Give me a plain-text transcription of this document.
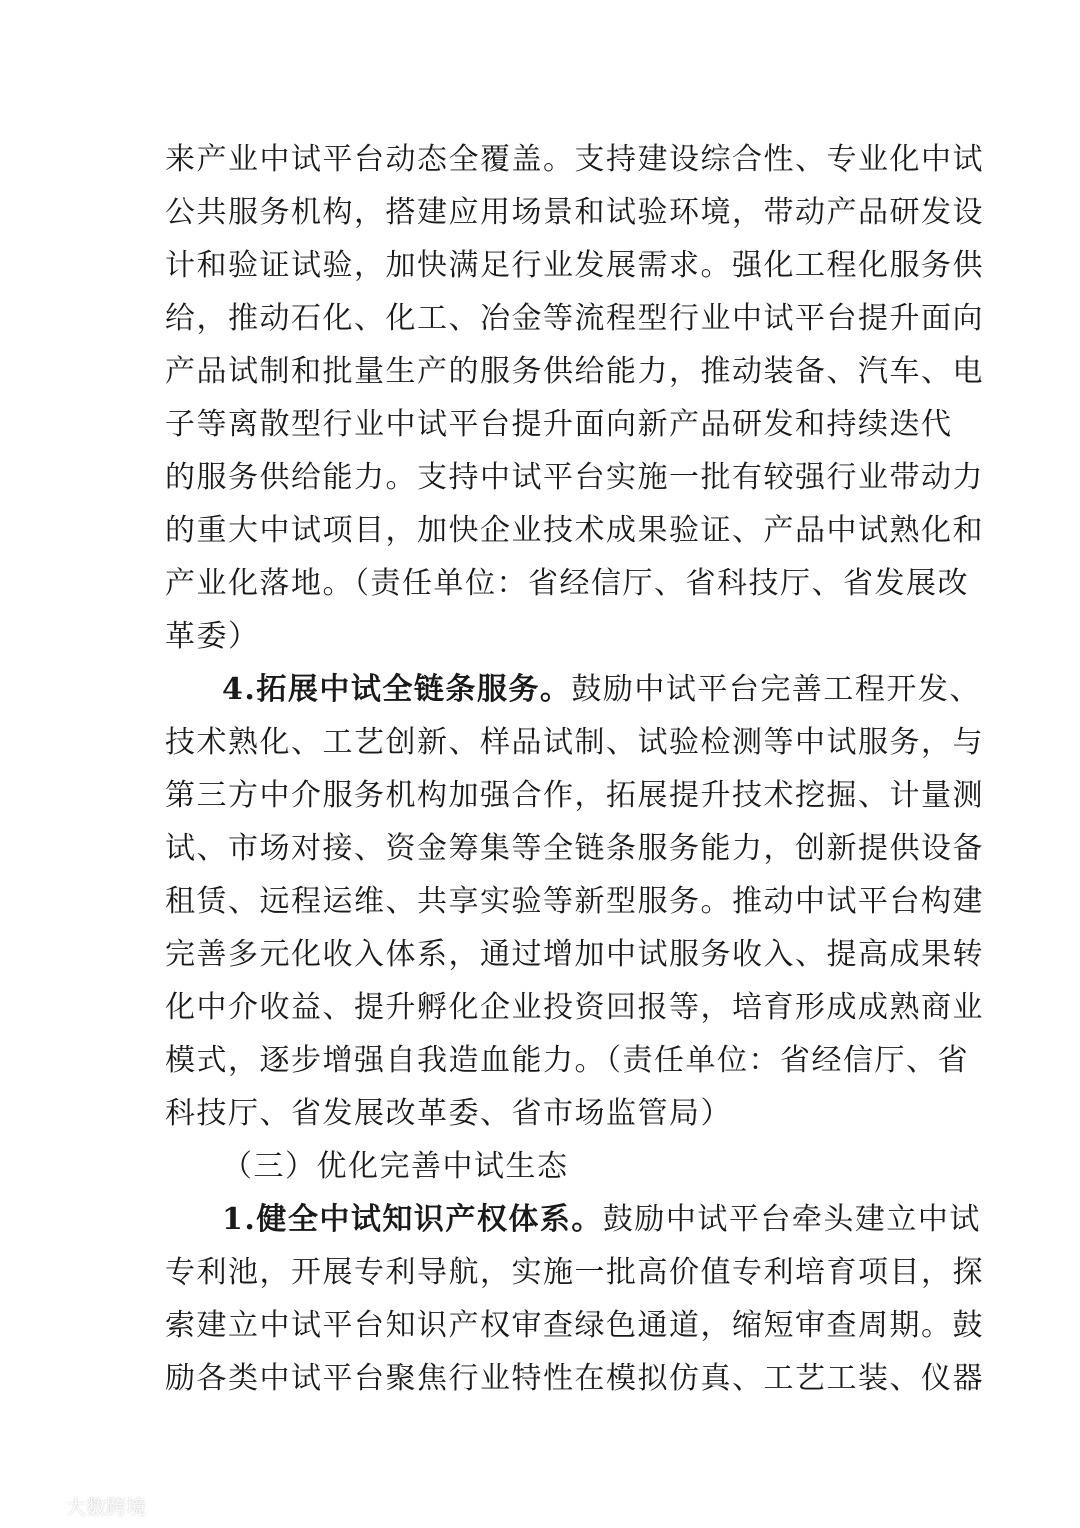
来产业中试平台动态全覆盖。支持建设综合性、专业化中试
公共服务机构，搭建应用场景和试验环境，带动产品研发设
计和验证试验，加快满足行业发展需求。强化工程化服务供
给，推动石化、化工、冶金等流程型行业中试平台提升面向
产品试制和批量生产的服务供给能力，推动装备、汽车、电
子等离散型行业中试平台提升面向新产品研发和持续迭代
的服务供给能力。支持中试平台实施一批有较强行业带动力
的重大中试项目，加快企业技术成果验证、产品中试熟化和
产业化落地。（责任单位：省经信厅、省科技厅、省发展改
革委）
4.拓展中试全链条服务。鼓励中试平台完善工程开发、
技术熟化、工艺创新、样品试制、试验检测等中试服务，与
第三方中介服务机构加强合作，拓展提升技术挖掘、计量测
试、市场对接、资金筹集等全链条服务能力，创新提供设备
租赁、远程运维、共享实验等新型服务。推动中试平台构建
完善多元化收入体系，通过增加中试服务收入、提高成果转
化中介收益、提升孵化企业投资回报等，培育形成成熟商业
模式，逐步增强自我造血能力。（责任单位：省经信厅、省
科技厅、省发展改革委、省市场监管局）
（三）优化完善中试生态
1.健全中试知识产权体系。鼓励中试平台牵头建立中试
专利池，开展专利导航，实施一批高价值专利培育项目，探
索建立中试平台知识产权审查绿色通道，缩短审查周期。鼓
励各类中试平台聚焦行业特性在模拟仿真、工艺工装、仪器
大数跨境
